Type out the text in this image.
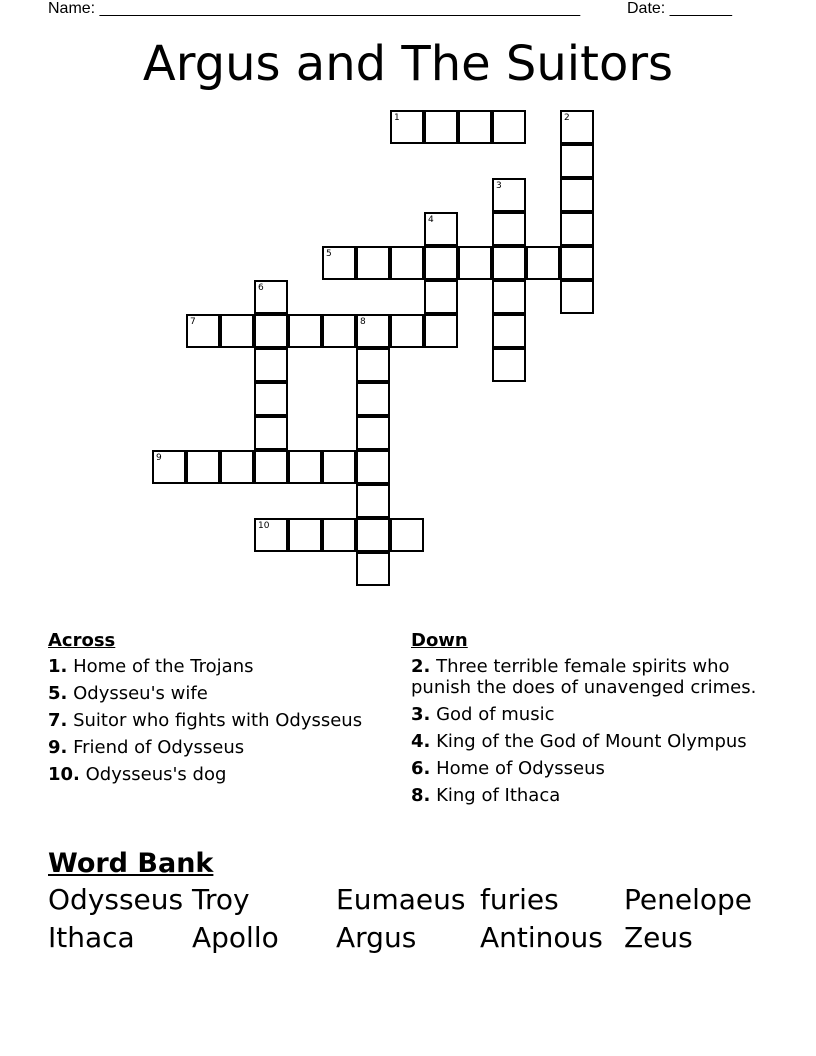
Name: ______________________________________________________	Date: _______
Argus and The Suitors
1	2
3
4
5
6
7	8
9
10
Across
1. Home of the Trojans
5. Odysseu's wife
7. Suitor who fights with Odysseus
9. Friend of Odysseus
10. Odysseus's dog
Down
2. Three terrible female spirits who punish the does of unavenged crimes.
3. God of music
4. King of the God of Mount Olympus
6. Home of Odysseus
8. King of Ithaca
Word Bank
Odysseus Troy	Eumaeus furies Penelope
Ithaca Apollo Argus Antinous Zeus
